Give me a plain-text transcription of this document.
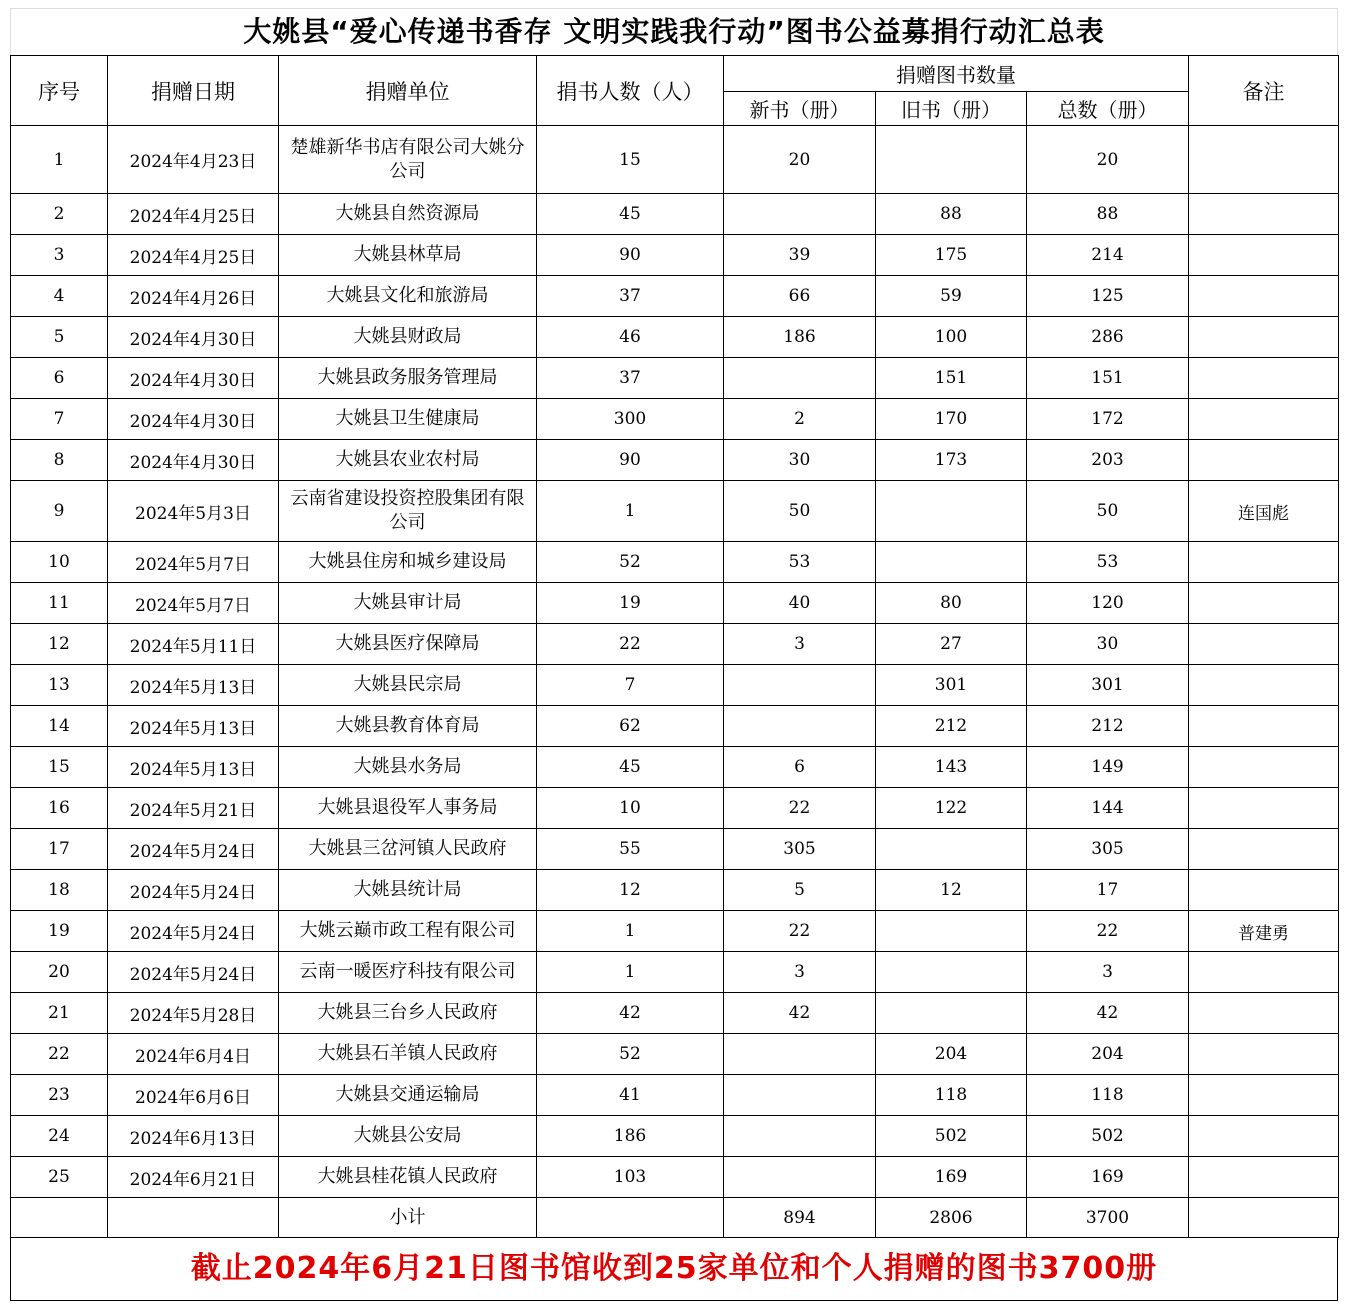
大姚县“爱心传递书香存 文明实践我行动”图书公益募捐行动汇总表
序号	捐赠日期	捐赠单位	捐书人数（人）	捐赠图书数量			备注
				新书（册）	旧书（册）	总数（册）	
1	2024年4月23日	楚雄新华书店有限公司大姚分公司	15	20		20	
2	2024年4月25日	大姚县自然资源局	45		88	88	
3	2024年4月25日	大姚县林草局	90	39	175	214	
4	2024年4月26日	大姚县文化和旅游局	37	66	59	125	
5	2024年4月30日	大姚县财政局	46	186	100	286	
6	2024年4月30日	大姚县政务服务管理局	37		151	151	
7	2024年4月30日	大姚县卫生健康局	300	2	170	172	
8	2024年4月30日	大姚县农业农村局	90	30	173	203	
9	2024年5月3日	云南省建设投资控股集团有限公司	1	50		50	连国彪
10	2024年5月7日	大姚县住房和城乡建设局	52	53		53	
11	2024年5月7日	大姚县审计局	19	40	80	120	
12	2024年5月11日	大姚县医疗保障局	22	3	27	30	
13	2024年5月13日	大姚县民宗局	7		301	301	
14	2024年5月13日	大姚县教育体育局	62		212	212	
15	2024年5月13日	大姚县水务局	45	6	143	149	
16	2024年5月21日	大姚县退役军人事务局	10	22	122	144	
17	2024年5月24日	大姚县三岔河镇人民政府	55	305		305	
18	2024年5月24日	大姚县统计局	12	5	12	17	
19	2024年5月24日	大姚云巅市政工程有限公司	1	22		22	普建勇
20	2024年5月24日	云南一暖医疗科技有限公司	1	3		3	
21	2024年5月28日	大姚县三台乡人民政府	42	42		42	
22	2024年6月4日	大姚县石羊镇人民政府	52		204	204	
23	2024年6月6日	大姚县交通运输局	41		118	118	
24	2024年6月13日	大姚县公安局	186		502	502	
25	2024年6月21日	大姚县桂花镇人民政府	103		169	169	
		小计		894	2806	3700	
截止2024年6月21日图书馆收到25家单位和个人捐赠的图书3700册
